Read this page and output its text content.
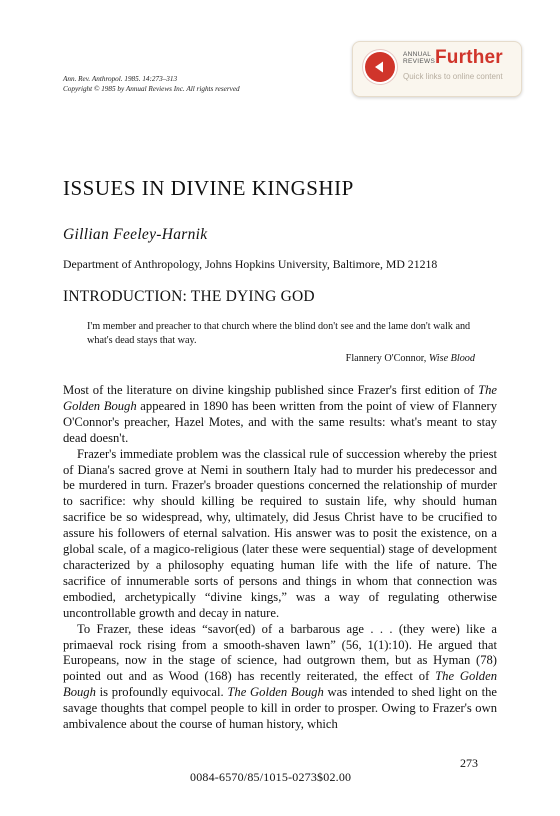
Ann. Rev. Anthropol. 1985. 14:273–313
Copyright © 1985 by Annual Reviews Inc. All rights reserved
ANNUAL
REVIEWS Further
Quick links to online content
ISSUES IN DIVINE KINGSHIP
Gillian Feeley-Harnik
Department of Anthropology, Johns Hopkins University, Baltimore, MD 21218
INTRODUCTION: THE DYING GOD
I'm member and preacher to that church where the blind don't see and the lame don't walk and what's dead stays that way.
Flannery O'Connor, Wise Blood

Most of the literature on divine kingship published since Frazer's first edition of The Golden Bough appeared in 1890 has been written from the point of view of Flannery O'Connor's preacher, Hazel Motes, and with the same results: what's meant to stay dead doesn't.

Frazer's immediate problem was the classical rule of succession whereby the priest of Diana's sacred grove at Nemi in southern Italy had to murder his predecessor and be murdered in turn. Frazer's broader questions concerned the relationship of murder to sacrifice: why should killing be required to sustain life, why should human sacrifice be so widespread, why, ultimately, did Jesus Christ have to be crucified to assure his followers of eternal salvation. His answer was to posit the existence, on a global scale, of a magico-religious (later these were sequential) stage of development characterized by a philosophy equating human life with the life of nature. The sacrifice of innumerable sorts of persons and things in whom that connection was embodied, archetypically “divine kings,” was a way of regulating otherwise uncontrollable growth and decay in nature.

To Frazer, these ideas “savor(ed) of a barbarous age . . . (they were) like a primaeval rock rising from a smooth-shaven lawn” (56, 1(1):10). He argued that Europeans, now in the stage of science, had outgrown them, but as Hyman (78) pointed out and as Wood (168) has recently reiterated, the effect of The Golden Bough is profoundly equivocal. The Golden Bough was intended to shed light on the savage thoughts that compel people to kill in order to prosper. Owing to Frazer's own ambivalence about the course of human history, which

273
0084-6570/85/1015-0273$02.00
